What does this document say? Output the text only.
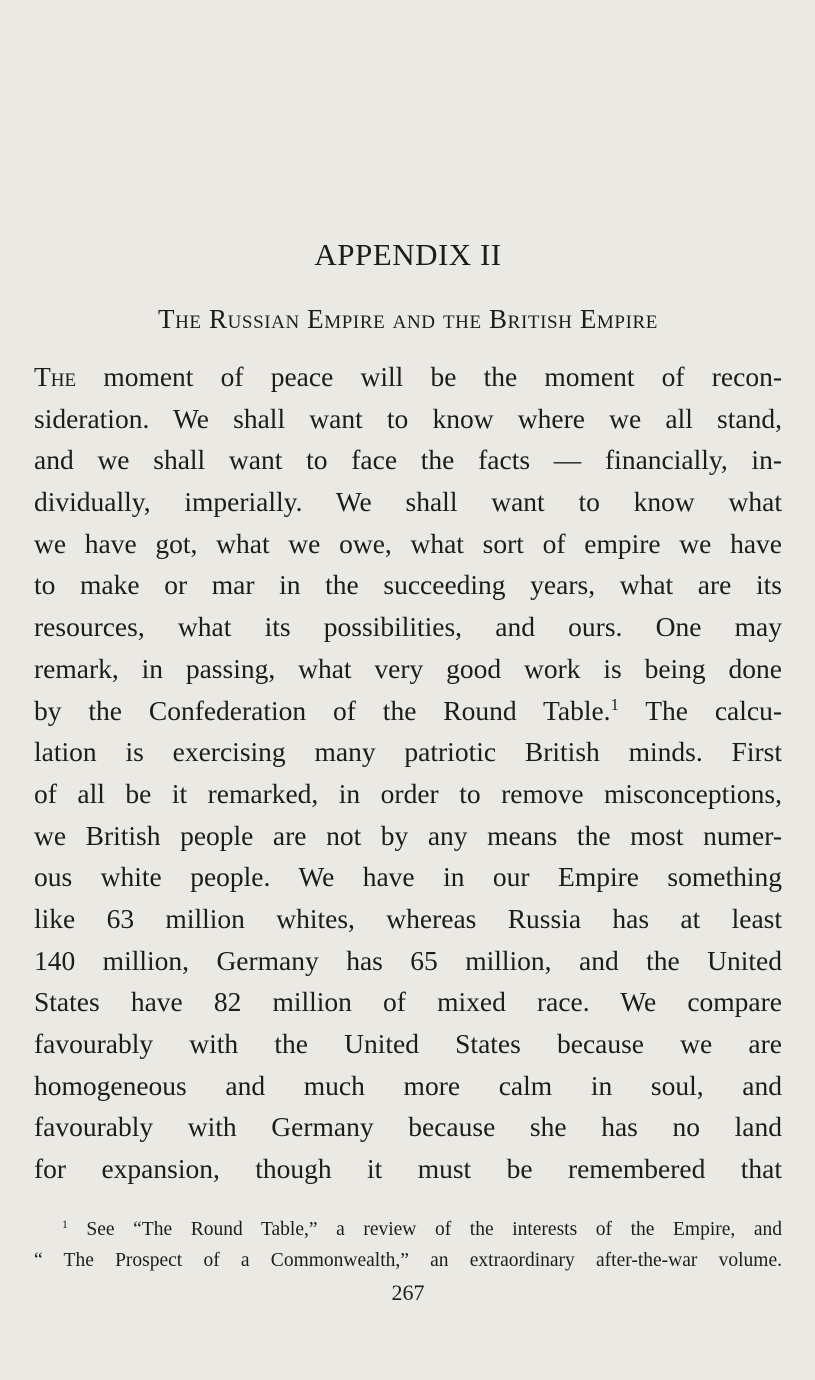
APPENDIX II
The Russian Empire and the British Empire
The moment of peace will be the moment of recon-
sideration. We shall want to know where we all stand,
and we shall want to face the facts — financially, in-
dividually, imperially. We shall want to know what
we have got, what we owe, what sort of empire we have
to make or mar in the succeeding years, what are its
resources, what its possibilities, and ours. One may
remark, in passing, what very good work is being done
by the Confederation of the Round Table.$^1$ The calcu-
lation is exercising many patriotic British minds. First
of all be it remarked, in order to remove misconceptions,
we British people are not by any means the most numer-
ous white people. We have in our Empire something
like 63 million whites, whereas Russia has at least
140 million, Germany has 65 million, and the United
States have 82 million of mixed race. We compare
favourably with the United States because we are
homogeneous and much more calm in soul, and
favourably with Germany because she has no land
for expansion, though it must be remembered that
$^1$ See “The Round Table,” a review of the interests of the Empire, and
“ The Prospect of a Commonwealth,” an extraordinary after-the-war volume.
267
